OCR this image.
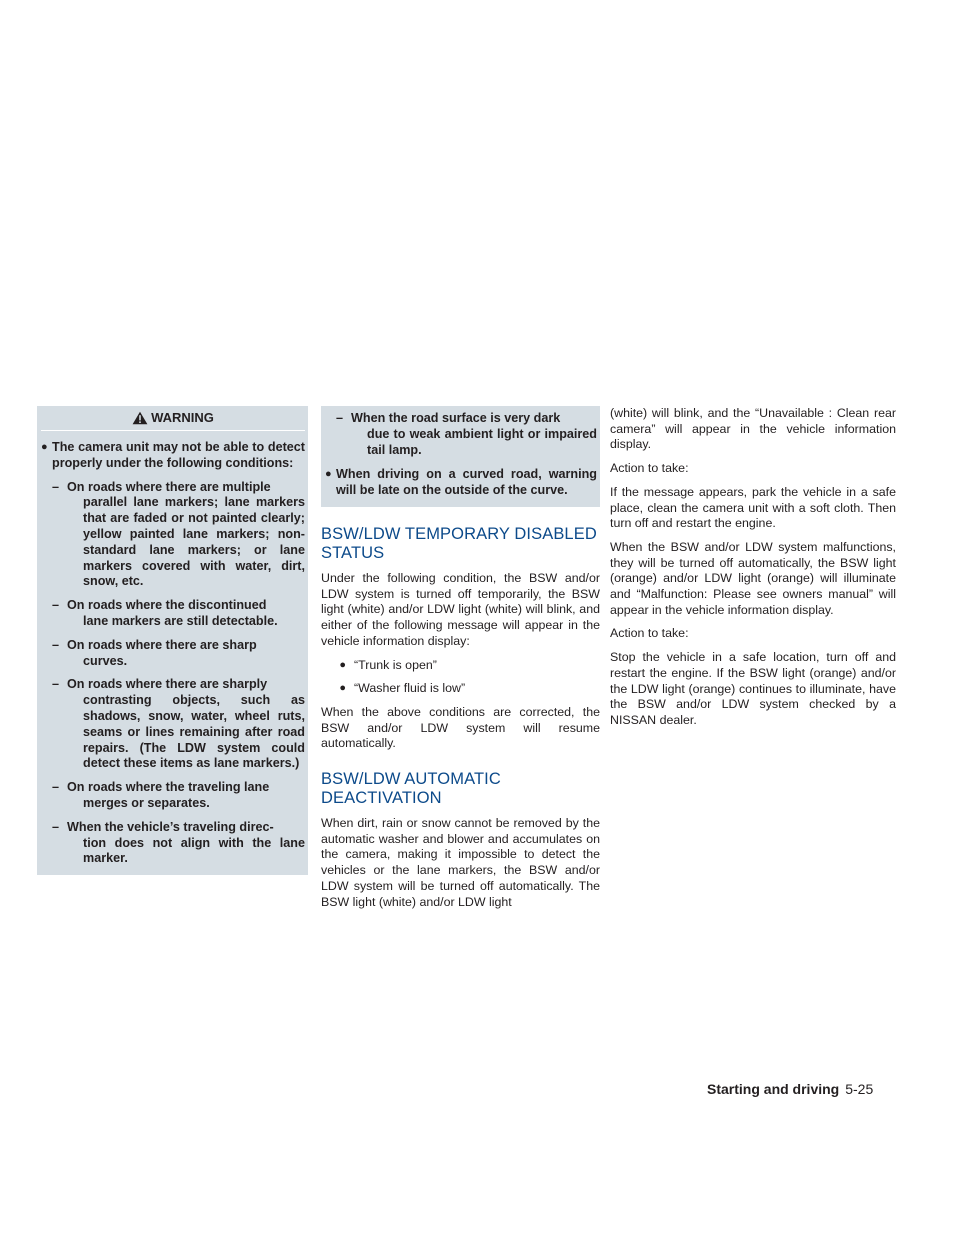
WARNING
● The camera unit may not be able to detect properly under the following conditions:
– On roads where there are multiple

parallel lane markers; lane markers that are faded or not painted clearly; yellow painted lane markers; non-standard lane markers; or lane markers covered with water, dirt, snow, etc.
– On roads where the discontinued

lane markers are still detectable.
– On roads where there are sharp

curves.
– On roads where there are sharply

contrasting objects, such as shadows, snow, water, wheel ruts, seams or lines remaining after road repairs. (The LDW system could detect these items as lane markers.)
– On roads where the traveling lane

merges or separates.
– When the vehicle’s traveling direc-

tion does not align with the lane marker.
– When the road surface is very dark

due to weak ambient light or impaired tail lamp.
● When driving on a curved road, warning will be late on the outside of the curve.
BSW/LDW TEMPORARY DISABLED STATUS

Under the following condition, the BSW and/or LDW system is turned off temporarily, the BSW light (white) and/or LDW light (white) will blink, and either of the following message will appear in the vehicle information display:

● “Trunk is open”
● “Washer fluid is low”

When the above conditions are corrected, the BSW and/or LDW system will resume automatically.

BSW/LDW AUTOMATIC DEACTIVATION

When dirt, rain or snow cannot be removed by the automatic washer and blower and accumulates on the camera, making it impossible to detect the vehicles or the lane markers, the BSW and/or LDW system will be turned off automatically. The BSW light (white) and/or LDW light

(white) will blink, and the “Unavailable : Clean rear camera” will appear in the vehicle information display.

Action to take:

If the message appears, park the vehicle in a safe place, clean the camera unit with a soft cloth. Then turn off and restart the engine.

When the BSW and/or LDW system malfunctions, they will be turned off automatically, the BSW light (orange) and/or LDW light (orange) will illuminate and “Malfunction: Please see owners manual” will appear in the vehicle information display.

Action to take:

Stop the vehicle in a safe location, turn off and restart the engine. If the BSW light (orange) and/or the LDW light (orange) continues to illuminate, have the BSW and/or LDW system checked by a NISSAN dealer.

Starting and driving 5-25
